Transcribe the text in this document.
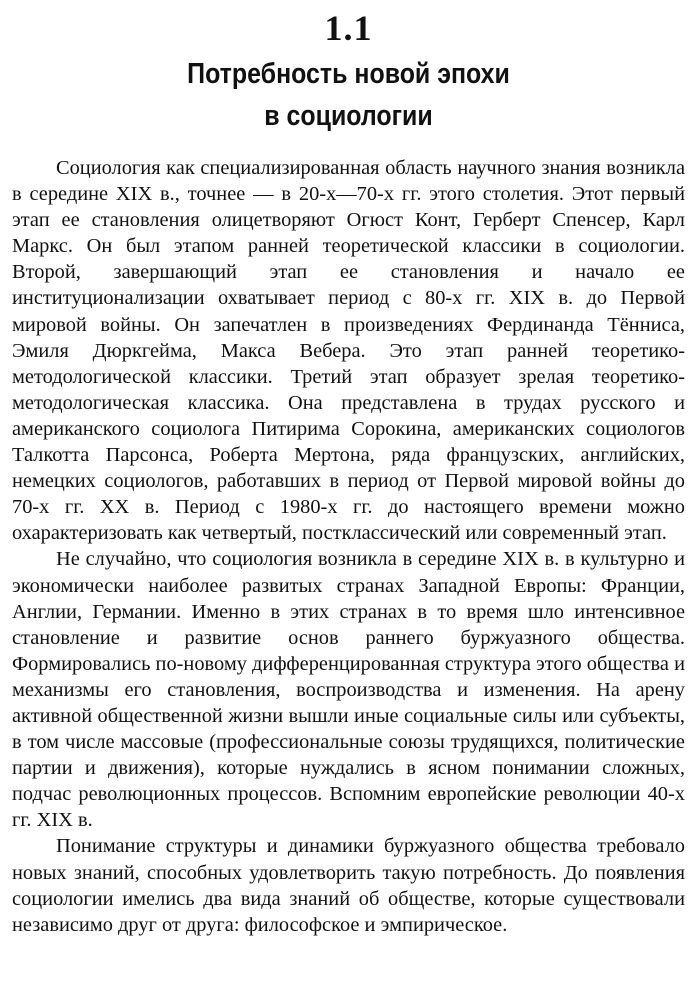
1.1
Потребность новой эпохи
в социологии

Социология как специализированная область научного знания возникла в середине XIX в., точнее — в 20-х—70-х гг. этого столетия. Этот первый этап ее становления олицетворяют Огюст Конт, Герберт Спенсер, Карл Маркс. Он был этапом ранней теоретической классики в социологии. Второй, завершающий этап ее становления и начало ее институционализации охватывает период с 80-х гг. XIX в. до Первой мировой войны. Он запечатлен в произведениях Фердинанда Тённиса, Эмиля Дюркгейма, Макса Вебера. Это этап ранней теоретико-методологической классики. Третий этап образует зрелая теоретико-методологическая классика. Она представлена в трудах русского и американского социолога Питирима Сорокина, американских социологов Талкотта Парсонса, Роберта Мертона, ряда французских, английских, немецких социологов, работавших в период от Первой мировой войны до 70-х гг. XX в. Период с 1980-х гг. до настоящего времени можно охарактеризовать как четвертый, постклассический или современный этап.

Не случайно, что социология возникла в середине XIX в. в культурно и экономически наиболее развитых странах Западной Европы: Франции, Англии, Германии. Именно в этих странах в то время шло интенсивное становление и развитие основ раннего буржуазного общества. Формировались по-новому дифференцированная структура этого общества и механизмы его становления, воспроизводства и изменения. На арену активной общественной жизни вышли иные социальные силы или субъекты, в том числе массовые (профессиональные союзы трудящихся, политические партии и движения), которые нуждались в ясном понимании сложных, подчас революционных процессов. Вспомним европейские революции 40-х гг. XIX в.

Понимание структуры и динамики буржуазного общества требовало новых знаний, способных удовлетворить такую потребность. До появления социологии имелись два вида знаний об обществе, которые существовали независимо друг от друга: философское и эмпирическое.
